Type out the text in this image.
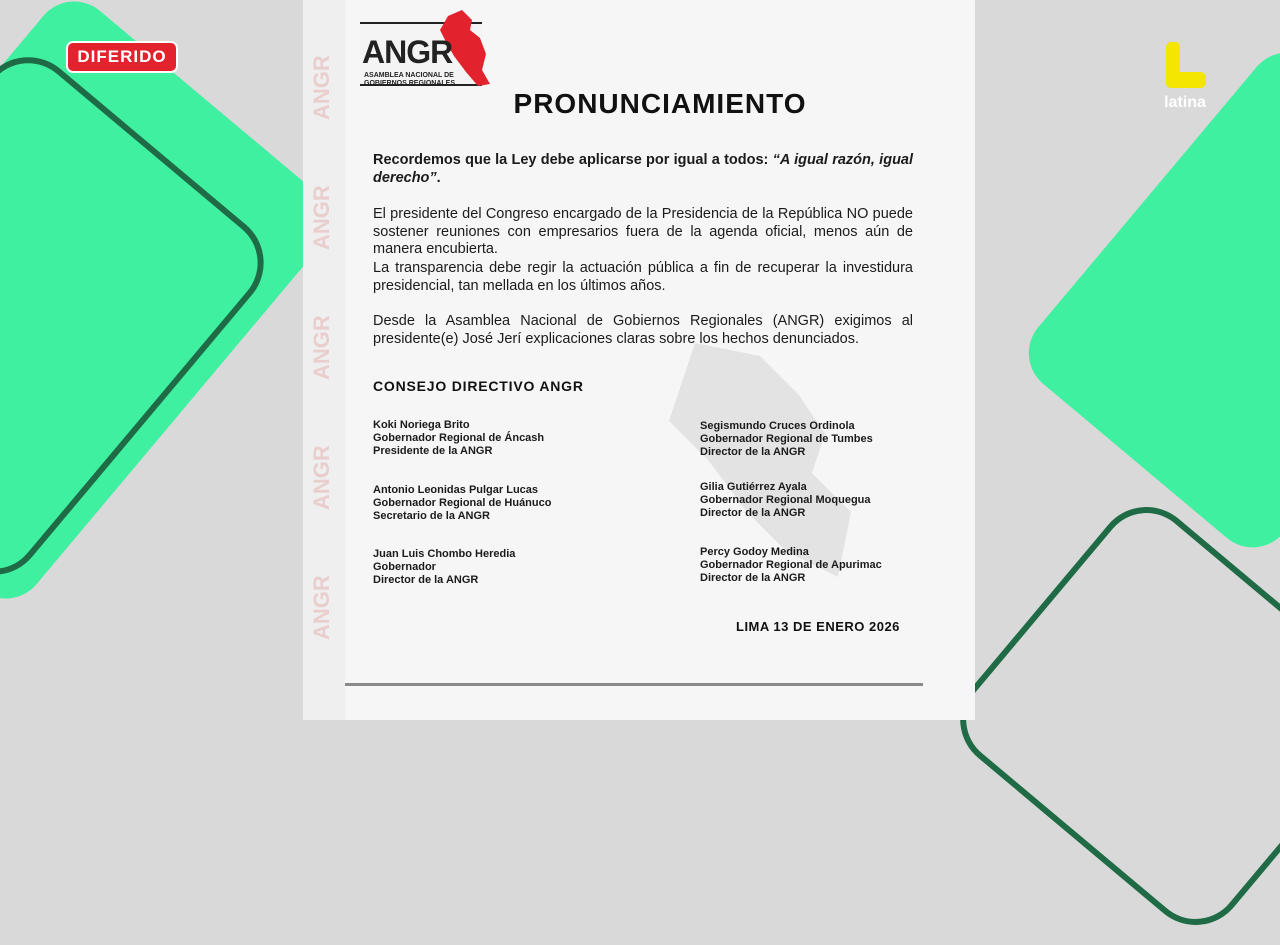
DIFERIDO
latina
ANGR
ANGR
ANGR
ANGR
ANGR
ANGR
ASAMBLEA NACIONAL DE
GOBIERNOS REGIONALES
PRONUNCIAMIENTO
Recordemos que la Ley debe aplicarse por igual a todos: “A igual razón, igual derecho”.
El presidente del Congreso encargado de la Presidencia de la República NO puede sostener reuniones con empresarios fuera de la agenda oficial, menos aún de manera encubierta.
La transparencia debe regir la actuación pública a fin de recuperar la investidura presidencial, tan mellada en los últimos años.
Desde la Asamblea Nacional de Gobiernos Regionales (ANGR) exigimos al presidente(e) José Jerí explicaciones claras sobre los hechos denunciados.
CONSEJO DIRECTIVO ANGR
Koki Noriega Brito
Gobernador Regional de Áncash
Presidente de la ANGR
Segismundo Cruces Ordinola
Gobernador Regional de Tumbes
Director de la ANGR
Antonio Leonidas Pulgar Lucas
Gobernador Regional de Huánuco
Secretario de la ANGR
Gilia Gutiérrez Ayala
Gobernador Regional Moquegua
Director de la ANGR
Juan Luis Chombo Heredia
Gobernador
Director de la ANGR
Percy Godoy Medina
Gobernador Regional de Apurimac
Director de la ANGR
LIMA 13 DE ENERO 2026
